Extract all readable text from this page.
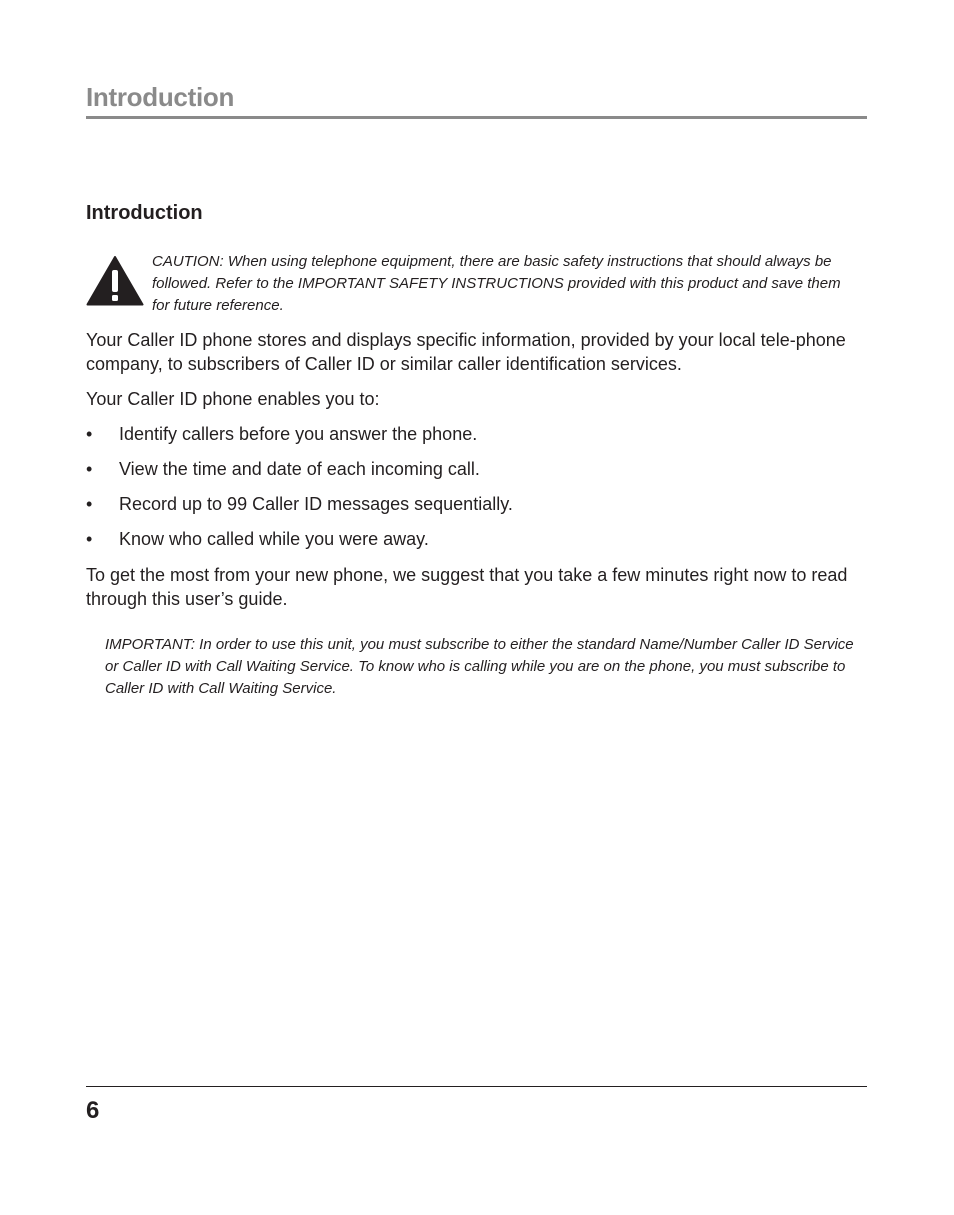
Introduction
Introduction

CAUTION: When using telephone equipment, there are basic safety instructions that should always be followed. Refer to the IMPORTANT SAFETY INSTRUCTIONS provided with this product and save them for future reference.

Your Caller ID phone stores and displays specific information, provided by your local tele-phone company, to subscribers of Caller ID or similar caller identification services.

Your Caller ID phone enables you to:

• Identify callers before you answer the phone.
• View the time and date of each incoming call.
• Record up to 99 Caller ID messages sequentially.
• Know who called while you were away.

To get the most from your new phone, we suggest that you take a few minutes right now to read through this user’s guide.

IMPORTANT: In order to use this unit, you must subscribe to either the standard Name/Number Caller ID Service or Caller ID with Call Waiting Service. To know who is calling while you are on the phone, you must subscribe to Caller ID with Call Waiting Service.

6
